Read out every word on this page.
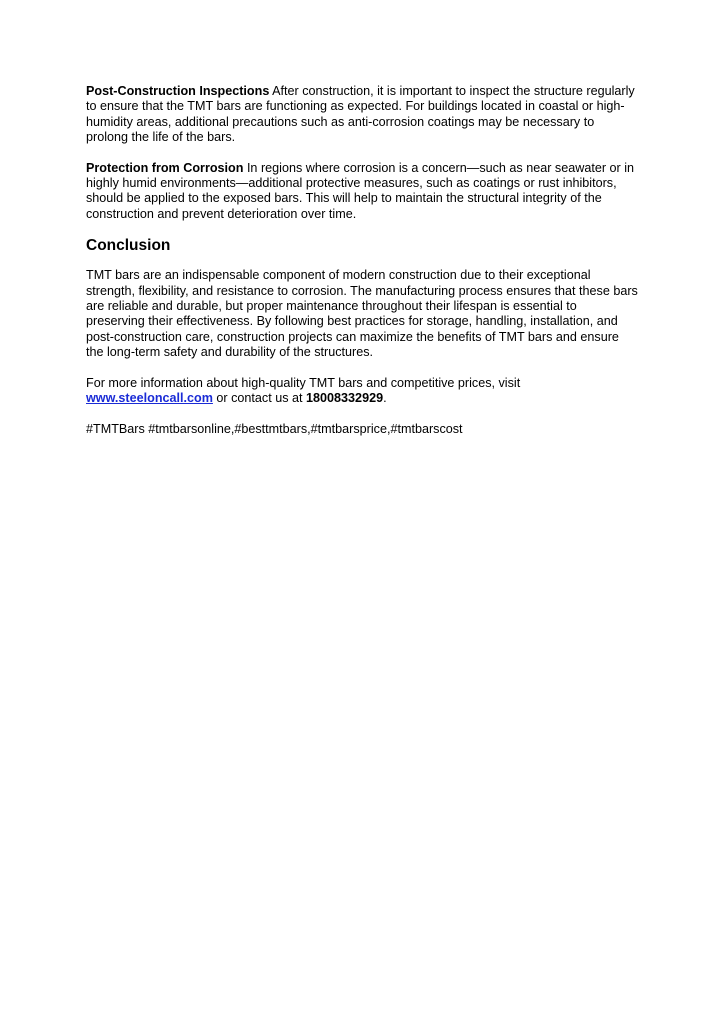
Post-Construction Inspections After construction, it is important to inspect the structure regularly to ensure that the TMT bars are functioning as expected. For buildings located in coastal or high-humidity areas, additional precautions such as anti-corrosion coatings may be necessary to prolong the life of the bars.

Protection from Corrosion In regions where corrosion is a concern—such as near seawater or in highly humid environments—additional protective measures, such as coatings or rust inhibitors, should be applied to the exposed bars. This will help to maintain the structural integrity of the construction and prevent deterioration over time.

Conclusion

TMT bars are an indispensable component of modern construction due to their exceptional strength, flexibility, and resistance to corrosion. The manufacturing process ensures that these bars are reliable and durable, but proper maintenance throughout their lifespan is essential to preserving their effectiveness. By following best practices for storage, handling, installation, and post-construction care, construction projects can maximize the benefits of TMT bars and ensure the long-term safety and durability of the structures.

For more information about high-quality TMT bars and competitive prices, visit
www.steeloncall.com or contact us at 18008332929.

#TMTBars #tmtbarsonline,#besttmtbars,#tmtbarsprice,#tmtbarscost
